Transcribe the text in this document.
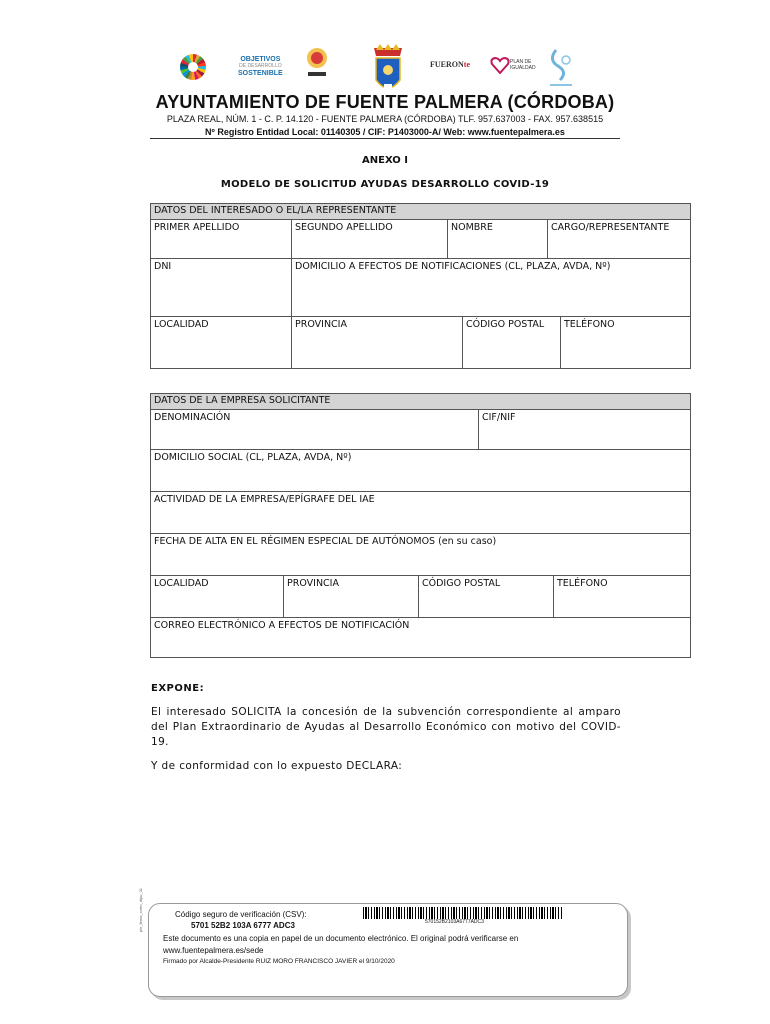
OBJETIVOS
DE DESARROLLO
SOSTENIBLE
FUERONte	PLAN DE
IGUALDAD
AYUNTAMIENTO DE FUENTE PALMERA (CÓRDOBA)
PLAZA REAL, NÚM. 1 - C. P. 14.120 - FUENTE PALMERA (CÓRDOBA) TLF. 957.637003 - FAX. 957.638515
Nº Registro Entidad Local: 01140305 / CIF: P1403000-A/ Web: www.fuentepalmera.es
ANEXO I
MODELO DE SOLICITUD AYUDAS DESARROLLO COVID-19
DATOS DEL INTERESADO O EL/LA REPRESENTANTE					
PRIMER APELLIDO	SEGUNDO APELLIDO	NOMBRE		CARGO/REPRESENTANTE	
DNI	DOMICILIO A EFECTOS DE NOTIFICACIONES (CL, PLAZA, AVDA, Nº)				
LOCALIDAD	PROVINCIA		CÓDIGO POSTAL		TELÉFONO
DATOS DE LA EMPRESA SOLICITANTE				
DENOMINACIÓN			CIF/NIF	
DOMICILIO SOCIAL (CL, PLAZA, AVDA, Nº)				
ACTIVIDAD DE LA EMPRESA/EPÍGRAFE DEL IAE				
FECHA DE ALTA EN EL RÉGIMEN ESPECIAL DE AUTÓNOMOS (en su caso)				
LOCALIDAD	PROVINCIA	CÓDIGO POSTAL		TELÉFONO
CORREO ELECTRÓNICO A EFECTOS DE NOTIFICACIÓN				
EXPONE:
El interesado SOLICITA la concesión de la subvención correspondiente al amparo del Plan Extraordinario de Ayudas al Desarrollo Económico con motivo del COVID-19.
Y de conformidad con lo expuesto DECLARA:
pie_firma_corto_dipu_01	Código seguro de verificación (CSV):
5701 52B2 103A 6777 ADC3	570152B2103A6777ADC3
Este documento es una copia en papel de un documento electrónico. El original podrá verificarse en www.fuentepalmera.es/sede
Firmado por Alcalde-Presidente RUIZ MORO FRANCISCO JAVIER el 9/10/2020
